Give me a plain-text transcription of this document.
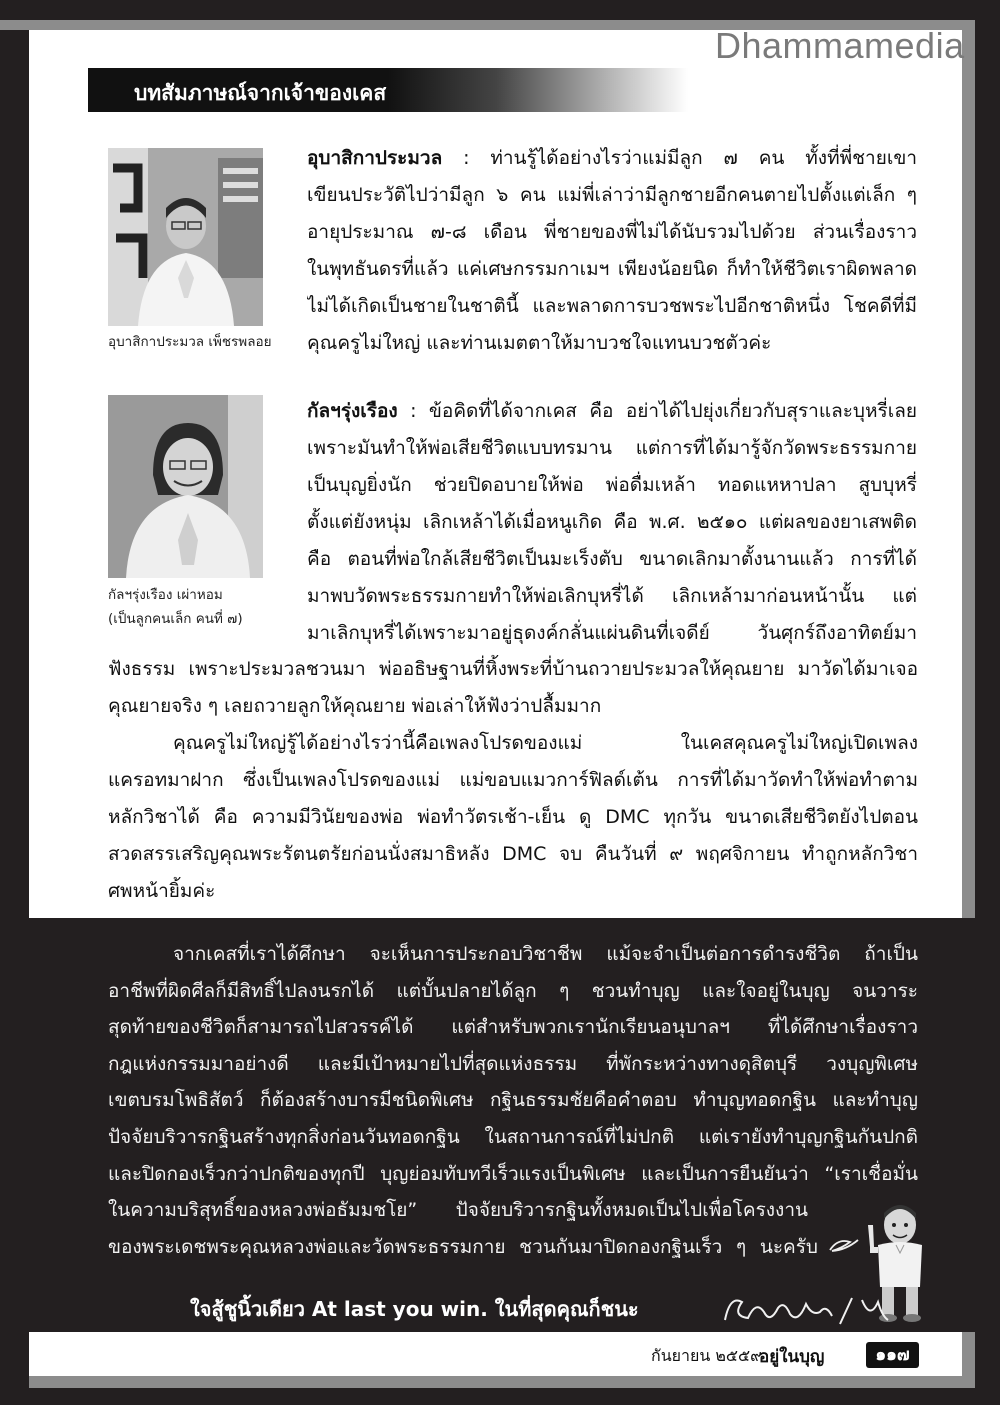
Dhammamedia
บทสัมภาษณ์จากเจ้าของเคส
อุบาสิกาประมวล เพ็ชรพลอย
กัลฯรุ่งเรือง เผ่าหอม
(เป็นลูกคนเล็ก คนที่ ๗)
อุบาสิกาประมวล : ท่านรู้ได้อย่างไรว่าแม่มีลูก ๗ คน ทั้งที่พี่ชายเขา
เขียนประวัติไปว่ามีลูก ๖ คน แม่พี่เล่าว่ามีลูกชายอีกคนตายไปตั้งแต่เล็ก ๆ
อายุประมาณ ๗-๘ เดือน พี่ชายของพี่ไม่ได้นับรวมไปด้วย ส่วนเรื่องราว
ในพุทธันดรที่แล้ว แค่เศษกรรมกาเมฯ เพียงน้อยนิด ก็ทำให้ชีวิตเราผิดพลาด
ไม่ได้เกิดเป็นชายในชาตินี้ และพลาดการบวชพระไปอีกชาติหนึ่ง โชคดีที่มี
คุณครูไม่ใหญ่ และท่านเมตตาให้มาบวชใจแทนบวชตัวค่ะ
กัลฯรุ่งเรือง : ข้อคิดที่ได้จากเคส คือ อย่าได้ไปยุ่งเกี่ยวกับสุราและบุหรี่เลย
เพราะมันทำให้พ่อเสียชีวิตแบบทรมาน แต่การที่ได้มารู้จักวัดพระธรรมกาย
เป็นบุญยิ่งนัก ช่วยปิดอบายให้พ่อ พ่อดื่มเหล้า ทอดแหหาปลา สูบบุหรี่
ตั้งแต่ยังหนุ่ม เลิกเหล้าได้เมื่อหนูเกิด คือ พ.ศ. ๒๕๑๐ แต่ผลของยาเสพติด
คือ ตอนที่พ่อใกล้เสียชีวิตเป็นมะเร็งตับ ขนาดเลิกมาตั้งนานแล้ว การที่ได้
มาพบวัดพระธรรมกายทำให้พ่อเลิกบุหรี่ได้ เลิกเหล้ามาก่อนหน้านั้น แต่
มาเลิกบุหรี่ได้เพราะมาอยู่ธุดงค์กลั่นแผ่นดินที่เจดีย์ วันศุกร์ถึงอาทิตย์มา
ฟังธรรม เพราะประมวลชวนมา พ่ออธิษฐานที่หิ้งพระที่บ้านถวายประมวลให้คุณยาย มาวัดได้มาเจอ
คุณยายจริง ๆ เลยถวายลูกให้คุณยาย พ่อเล่าให้ฟังว่าปลื้มมาก
คุณครูไม่ใหญ่รู้ได้อย่างไรว่านี้คือเพลงโปรดของแม่ ในเคสคุณครูไม่ใหญ่เปิดเพลง
แครอทมาฝาก ซึ่งเป็นเพลงโปรดของแม่ แม่ขอบแมวการ์ฟิลด์เต้น การที่ได้มาวัดทำให้พ่อทำตาม
หลักวิชาได้ คือ ความมีวินัยของพ่อ พ่อทำวัตรเช้า-เย็น ดู DMC ทุกวัน ขนาดเสียชีวิตยังไปตอน
สวดสรรเสริญคุณพระรัตนตรัยก่อนนั่งสมาธิหลัง DMC จบ คืนวันที่ ๙ พฤศจิกายน ทำถูกหลักวิชา
ศพหน้ายิ้มค่ะ
จากเคสที่เราได้ศึกษา จะเห็นการประกอบวิชาชีพ แม้จะจำเป็นต่อการดำรงชีวิต ถ้าเป็น
อาชีพที่ผิดศีลก็มีสิทธิ์ไปลงนรกได้ แต่บั้นปลายได้ลูก ๆ ชวนทำบุญ และใจอยู่ในบุญ จนวาระ
สุดท้ายของชีวิตก็สามารถไปสวรรค์ได้ แต่สำหรับพวกเรานักเรียนอนุบาลฯ ที่ได้ศึกษาเรื่องราว
กฎแห่งกรรมมาอย่างดี และมีเป้าหมายไปที่สุดแห่งธรรม ที่พักระหว่างทางดุสิตบุรี วงบุญพิเศษ
เขตบรมโพธิสัตว์ ก็ต้องสร้างบารมีชนิดพิเศษ กฐินธรรมชัยคือคำตอบ ทำบุญทอดกฐิน และทำบุญ
ปัจจัยบริวารกฐินสร้างทุกสิ่งก่อนวันทอดกฐิน ในสถานการณ์ที่ไม่ปกติ แต่เรายังทำบุญกฐินกันปกติ
และปิดกองเร็วกว่าปกติของทุกปี บุญย่อมทับทวีเร็วแรงเป็นพิเศษ และเป็นการยืนยันว่า “เราเชื่อมั่น
ในความบริสุทธิ์ของหลวงพ่อธัมมชโย” ปัจจัยบริวารกฐินทั้งหมดเป็นไปเพื่อโครงงาน
ของพระเดชพระคุณหลวงพ่อและวัดพระธรรมกาย ชวนกันมาปิดกองกฐินเร็ว ๆ นะครับ
ใจสู้ชูนิ้วเดียว At last you win. ในที่สุดคุณก็ชนะ
กันยายน ๒๕๕๙
อยู่ในบุญ	๑๑๗
